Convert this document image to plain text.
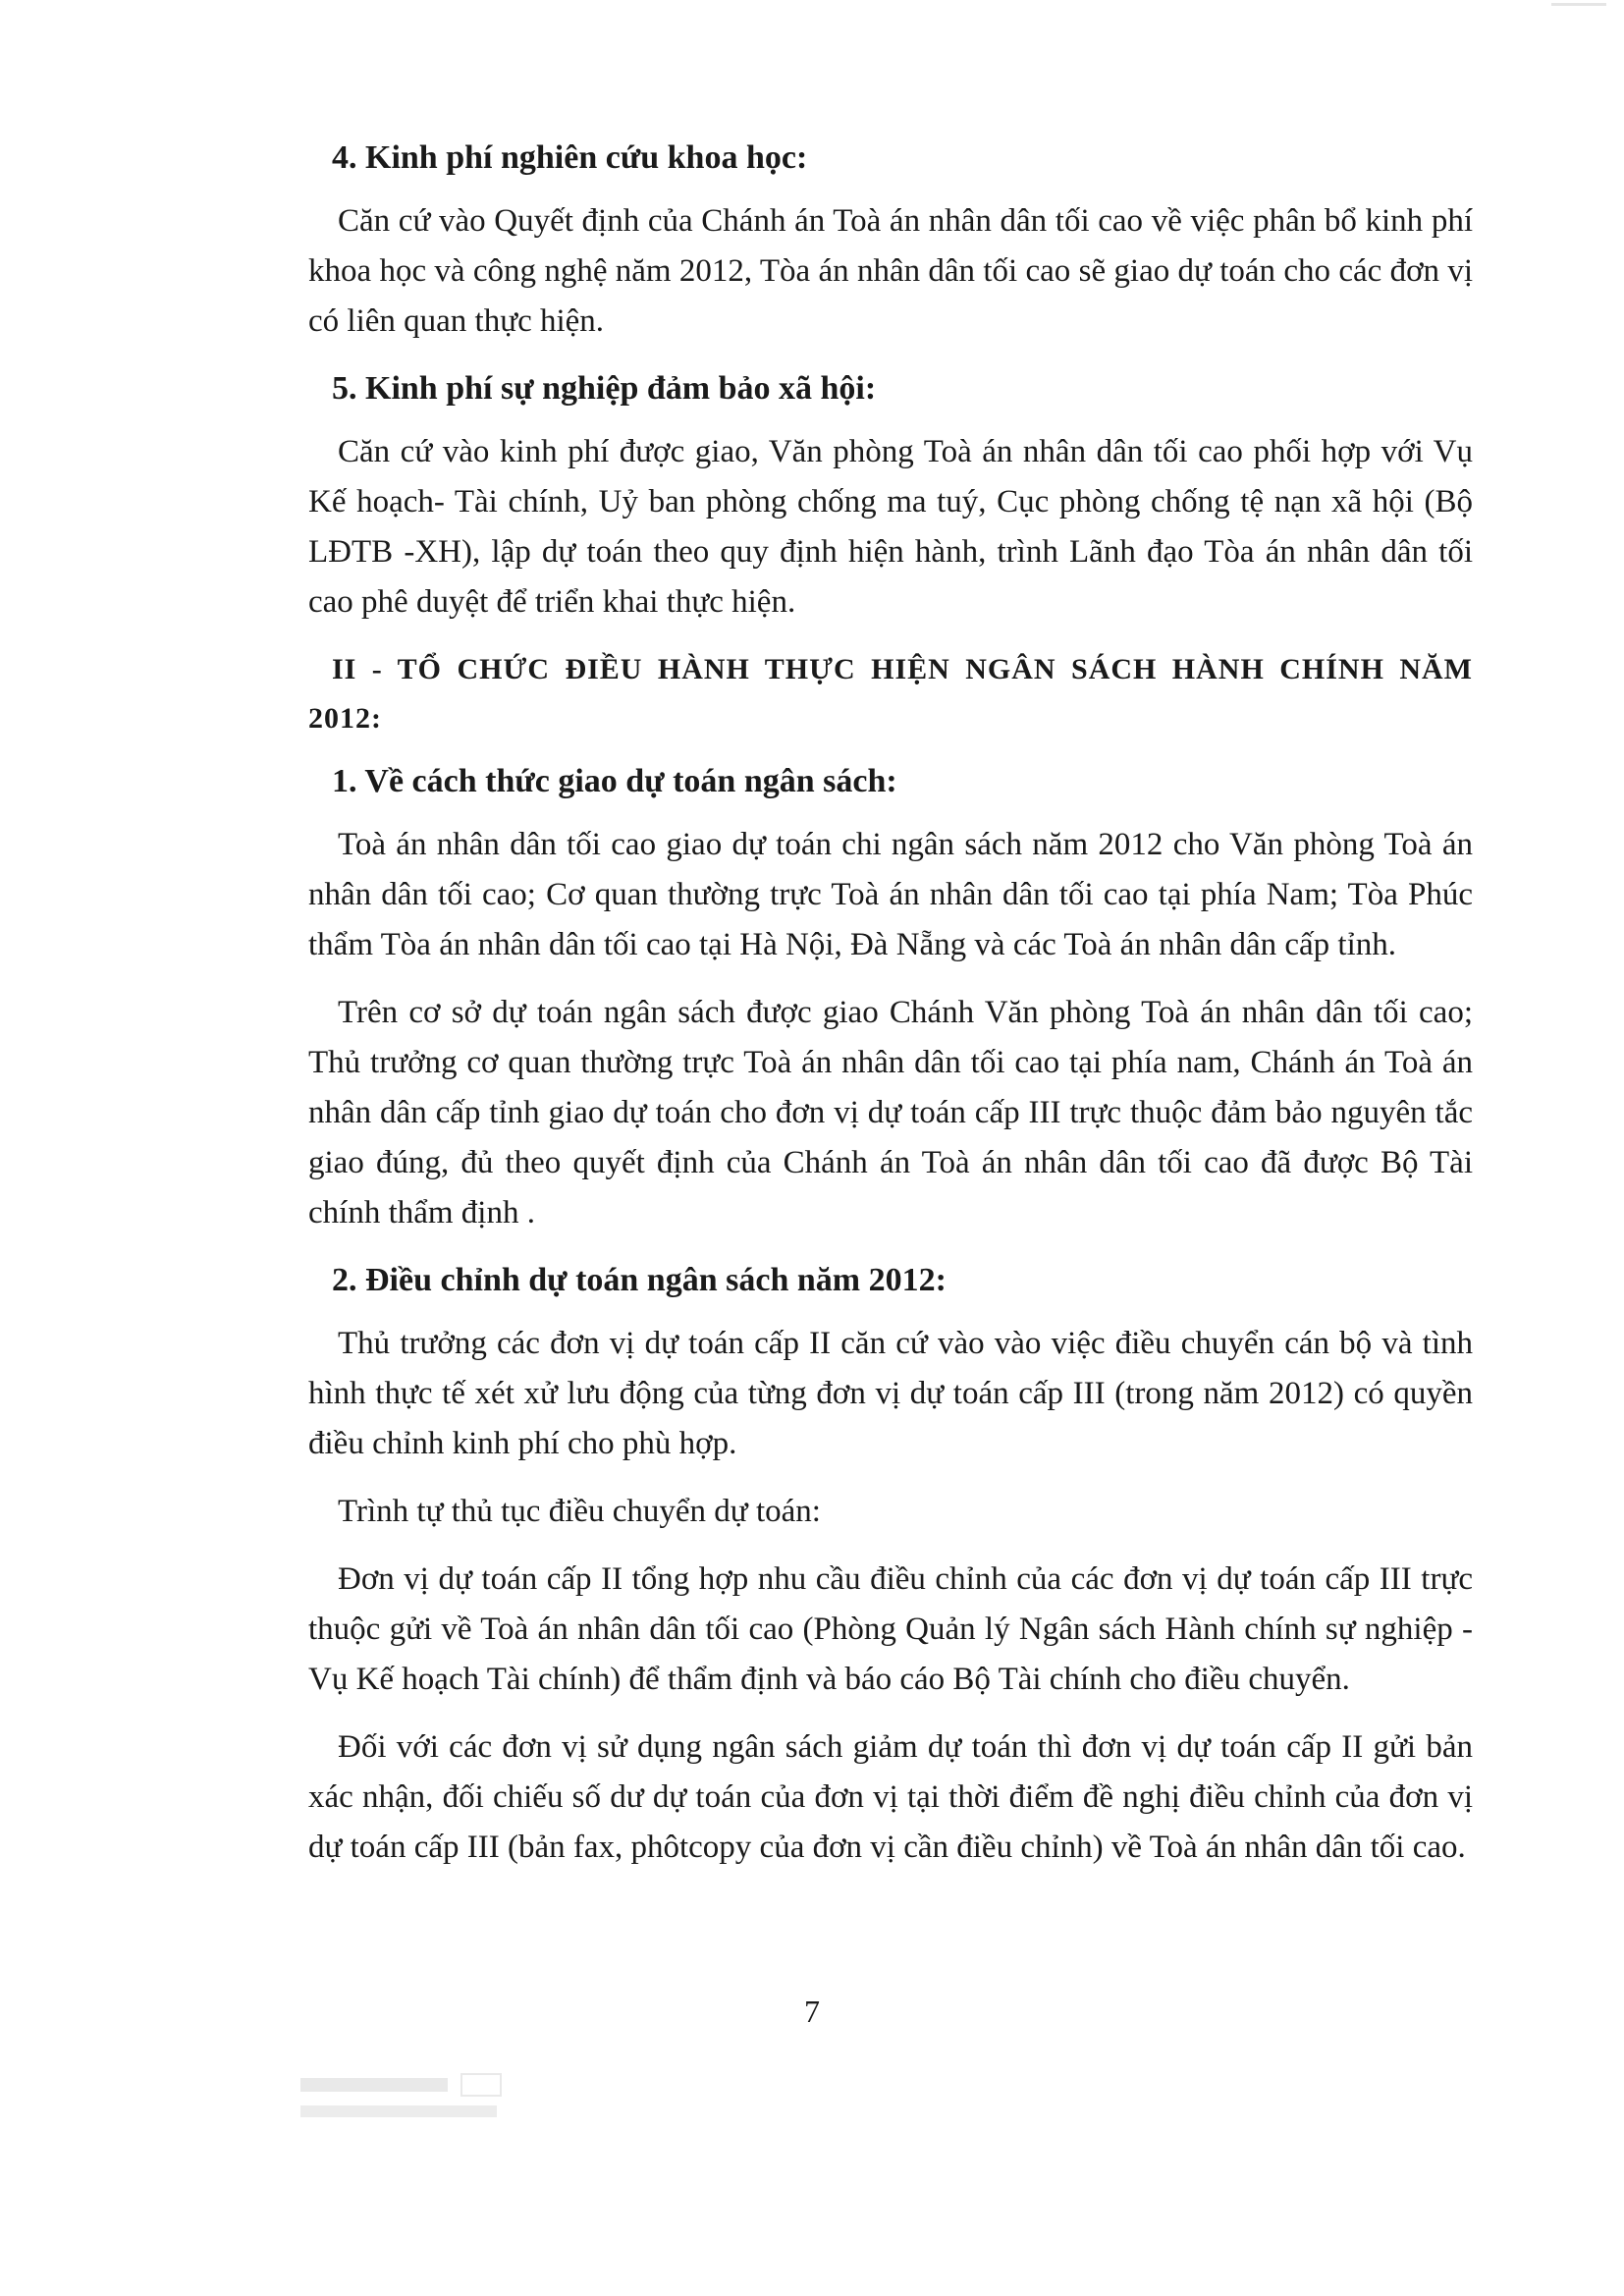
4. Kinh phí nghiên cứu khoa học:

Căn cứ vào Quyết định của Chánh án Toà án nhân dân tối cao về việc phân bổ kinh phí khoa học và công nghệ năm 2012, Tòa án nhân dân tối cao sẽ giao dự toán cho các đơn vị có liên quan thực hiện.

5. Kinh phí sự nghiệp đảm bảo xã hội:

Căn cứ vào kinh phí được giao, Văn phòng Toà án nhân dân tối cao phối hợp với Vụ Kế hoạch- Tài chính, Uỷ ban phòng chống ma tuý, Cục phòng chống tệ nạn xã hội (Bộ LĐTB -XH), lập dự toán theo quy định hiện hành, trình Lãnh đạo Tòa án nhân dân tối cao phê duyệt để triển khai thực hiện.

II - TỔ CHỨC ĐIỀU HÀNH THỰC HIỆN NGÂN SÁCH HÀNH CHÍNH NĂM 2012:
1. Về cách thức giao dự toán ngân sách:

Toà án nhân dân tối cao giao dự toán chi ngân sách năm 2012 cho Văn phòng Toà án nhân dân tối cao; Cơ quan thường trực Toà án nhân dân tối cao tại phía Nam; Tòa Phúc thẩm Tòa án nhân dân tối cao tại Hà Nội, Đà Nẵng và các Toà án nhân dân cấp tỉnh.

Trên cơ sở dự toán ngân sách được giao Chánh Văn phòng Toà án nhân dân tối cao; Thủ trưởng cơ quan thường trực Toà án nhân dân tối cao tại phía nam, Chánh án Toà án nhân dân cấp tỉnh giao dự toán cho đơn vị dự toán cấp III trực thuộc đảm bảo nguyên tắc giao đúng, đủ theo quyết định của Chánh án Toà án nhân dân tối cao đã được Bộ Tài chính thẩm định .

2. Điều chỉnh dự toán ngân sách năm 2012:

Thủ trưởng các đơn vị dự toán cấp II căn cứ vào vào việc điều chuyển cán bộ và tình hình thực tế xét xử lưu động của từng đơn vị dự toán cấp III (trong năm 2012) có quyền điều chỉnh kinh phí cho phù hợp.

Trình tự thủ tục điều chuyển dự toán:

Đơn vị dự toán cấp II tổng hợp nhu cầu điều chỉnh của các đơn vị dự toán cấp III trực thuộc gửi về Toà án nhân dân tối cao (Phòng Quản lý Ngân sách Hành chính sự nghiệp - Vụ Kế hoạch Tài chính) để thẩm định và báo cáo Bộ Tài chính cho điều chuyển.

Đối với các đơn vị sử dụng ngân sách giảm dự toán thì đơn vị dự toán cấp II gửi bản xác nhận, đối chiếu số dư dự toán của đơn vị tại thời điểm đề nghị điều chỉnh của đơn vị dự toán cấp III (bản fax, phôtcopy của đơn vị cần điều chỉnh) về Toà án nhân dân tối cao.

7
